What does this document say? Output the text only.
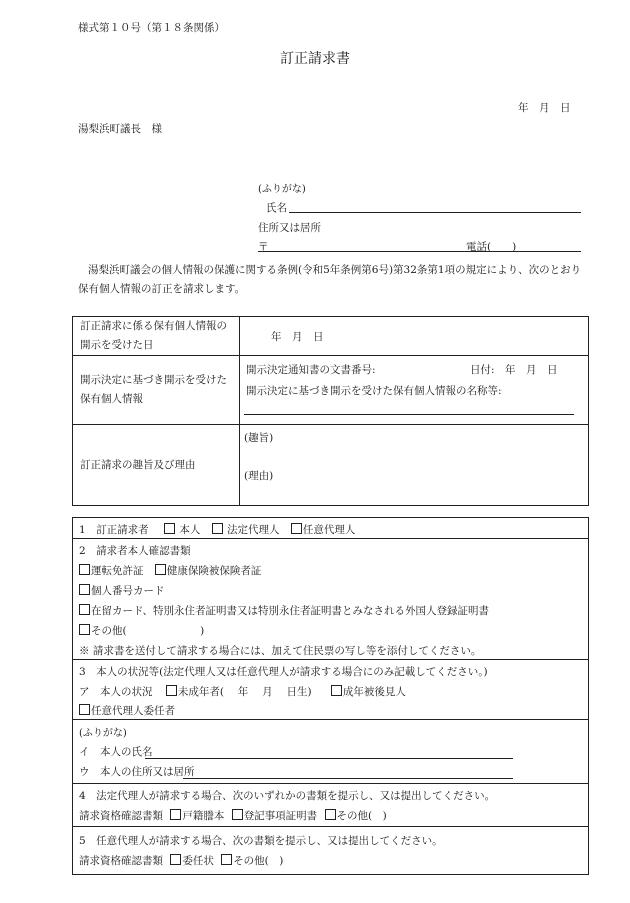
様式第１０号（第１８条関係）
訂正請求書
年　月　日
湯梨浜町議長　様
(ふりがな)
氏名
住所又は居所
〒	電話(　　)
湯梨浜町議会の個人情報の保護に関する条例(令和5年条例第6号)第32条第1項の規定により、次のとおり保有個人情報の訂正を請求します。
訂正請求に係る保有個人情報の開示を受けた日	年　月　日

開示決定に基づき開示を受けた保有個人情報	開示決定通知書の文書番号: 日付:　年　月　日
開示決定に基づき開示を受けた保有個人情報の名称等:

訂正請求の趣旨及び理由	(趣旨)
(理由)
1　訂正請求者	本人	法定代理人 任意代理人
2　請求者本人確認書類
運転免許証 健康保険被保険者証
個人番号カード
在留カード、特別永住者証明書又は特別永住者証明書とみなされる外国人登録証明書
その他(　　　　　　　)
※ 請求書を送付して請求する場合には、加えて住民票の写し等を添付してください。
3　本人の状況等(法定代理人又は任意代理人が請求する場合にのみ記載してください。)
ア　本人の状況 未成年者(　 年　 月　 日生)	成年被後見人
任意代理人委任者
(ふりがな)
イ　本人の氏名
ウ　本人の住所又は居所
4　法定代理人が請求する場合、次のいずれかの書類を提示し、又は提出してください。
請求資格確認書類 戸籍謄本 登記事項証明書 その他(　)
5　任意代理人が請求する場合、次の書類を提示し、又は提出してください。
請求資格確認書類 委任状 その他(　)
